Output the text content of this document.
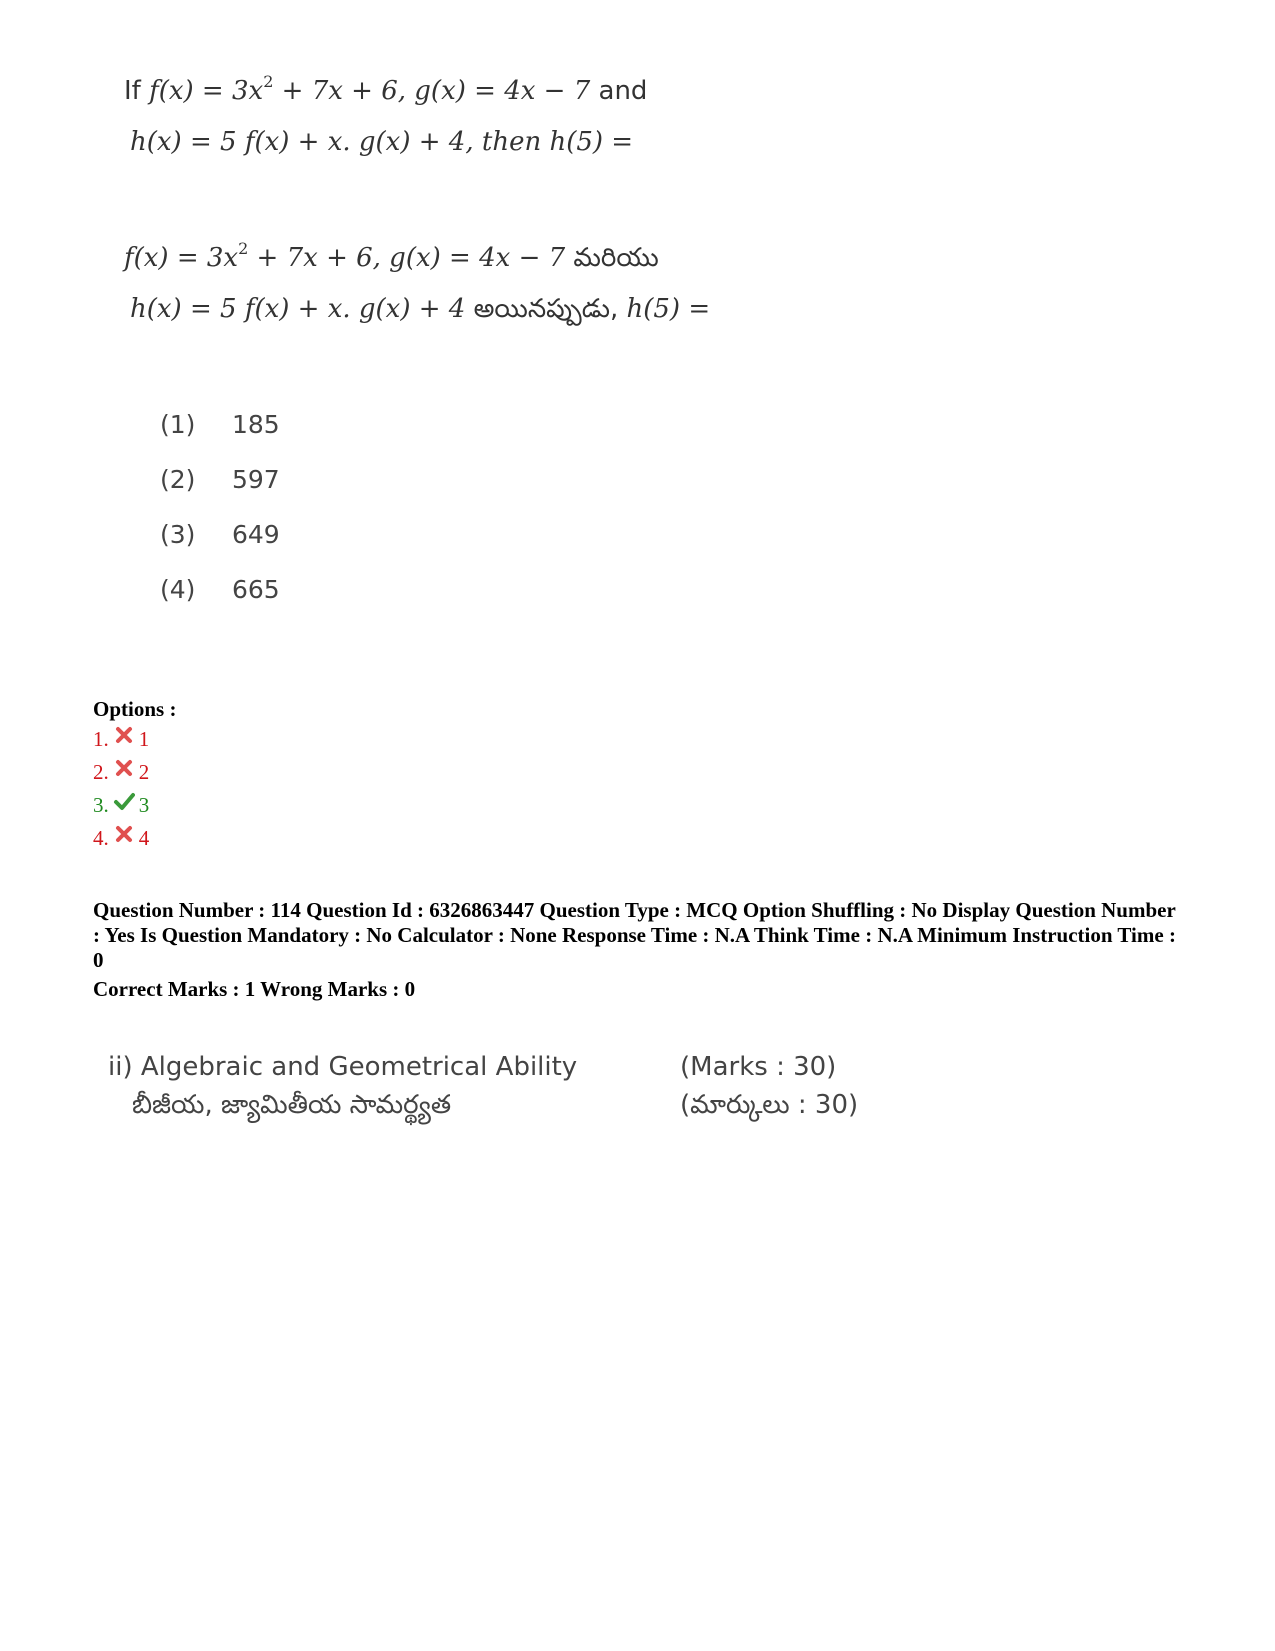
If $f(x) = 3x^2 + 7x + 6$, g(x) = 4x − 7 and
h(x) = 5 f(x) + x. g(x) + 4, then h(5) =
$f(x) = 3x^2 + 7x + 6$, g(x) = 4x − 7 మరియు
h(x) = 5 f(x) + x. g(x) + 4 అయినప్పుడు, h(5) =
(1) 185
(2) 597
(3) 649
(4) 665
Options :
1. 1
2. 2
3. 3
4. 4
Question Number : 114 Question Id : 6326863447 Question Type : MCQ Option Shuffling : No Display Question Number : Yes Is Question Mandatory : No Calculator : None Response Time : N.A Think Time : N.A Minimum Instruction Time : 0
Correct Marks : 1 Wrong Marks : 0
ii) Algebraic and Geometrical Ability
బీజీయ, జ్యామితీయ సామర్థ్యత
(Marks : 30)
(మార్కులు : 30)
